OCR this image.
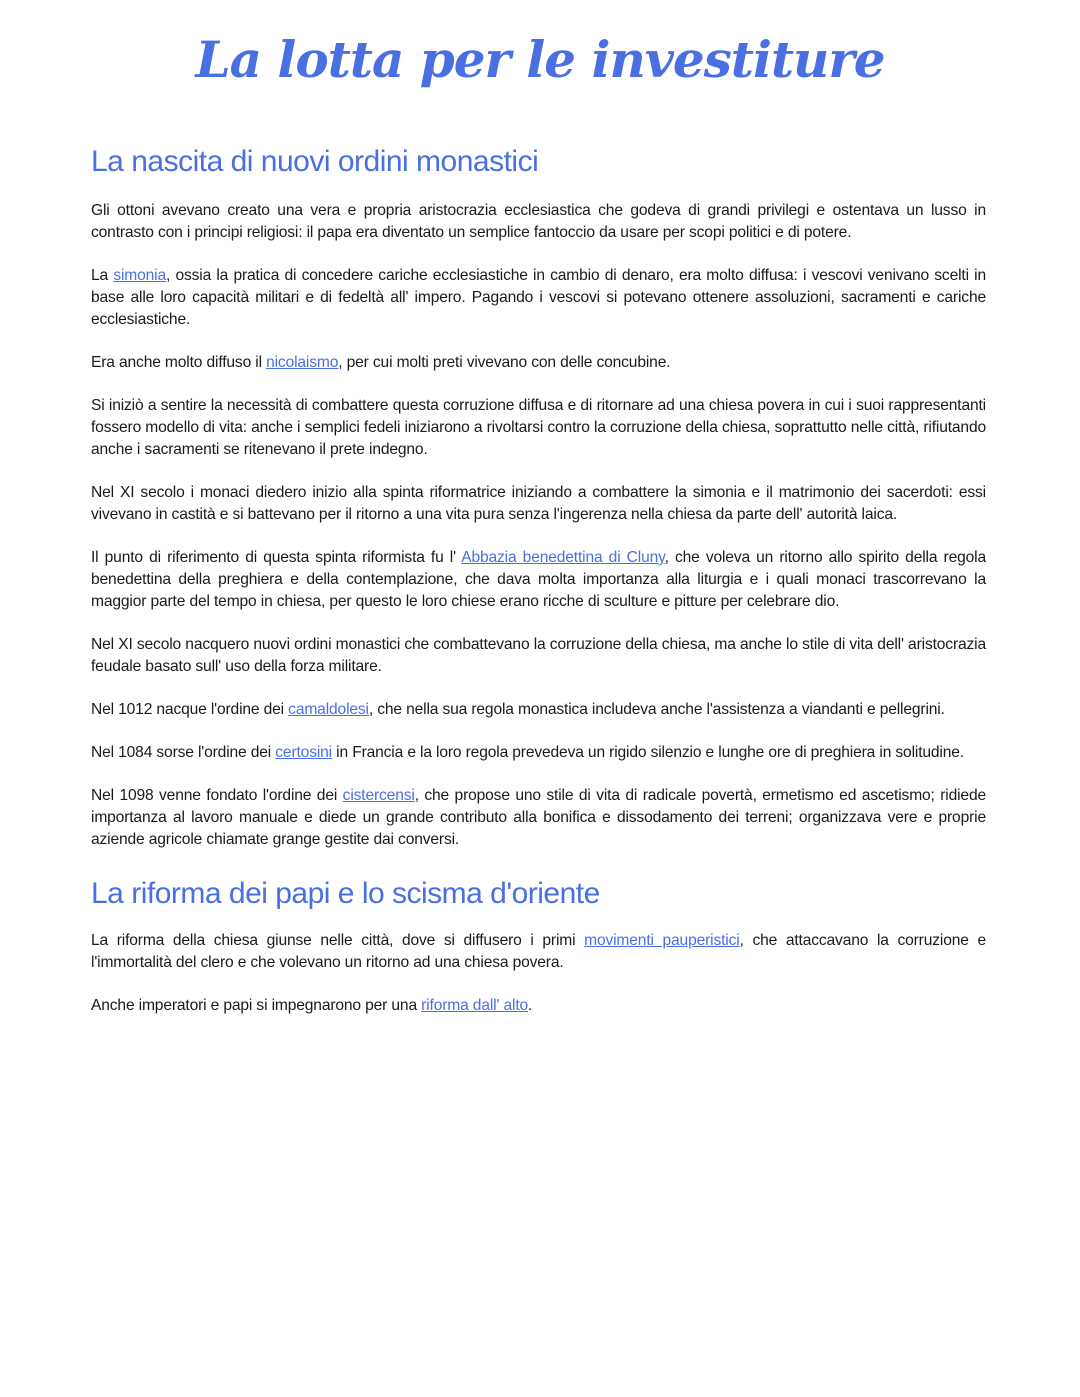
La lotta per le investiture
La nascita di nuovi ordini monastici

Gli ottoni avevano creato una vera e propria aristocrazia ecclesiastica che godeva di grandi privilegi e ostentava un lusso in contrasto con i principi religiosi: il papa era diventato un semplice fantoccio da usare per scopi politici e di potere.

La simonia, ossia la pratica di concedere cariche ecclesiastiche in cambio di denaro, era molto diffusa: i vescovi venivano scelti in base alle loro capacità militari e di fedeltà all' impero. Pagando i vescovi si potevano ottenere assoluzioni, sacramenti e cariche ecclesiastiche.

Era anche molto diffuso il nicolaismo, per cui molti preti vivevano con delle concubine.

Si iniziò a sentire la necessità di combattere questa corruzione diffusa e di ritornare ad una chiesa povera in cui i suoi rappresentanti fossero modello di vita: anche i semplici fedeli iniziarono a rivoltarsi contro la corruzione della chiesa, soprattutto nelle città, rifiutando anche i sacramenti se ritenevano il prete indegno.

Nel XI secolo i monaci diedero inizio alla spinta riformatrice iniziando a combattere la simonia e il matrimonio dei sacerdoti: essi vivevano in castità e si battevano per il ritorno a una vita pura senza l'ingerenza nella chiesa da parte dell' autorità laica.

Il punto di riferimento di questa spinta riformista fu l' Abbazia benedettina di Cluny, che voleva un ritorno allo spirito della regola benedettina della preghiera e della contemplazione, che dava molta importanza alla liturgia e i quali monaci trascorrevano la maggior parte del tempo in chiesa, per questo le loro chiese erano ricche di sculture e pitture per celebrare dio.

Nel XI secolo nacquero nuovi ordini monastici che combattevano la corruzione della chiesa, ma anche lo stile di vita dell' aristocrazia feudale basato sull' uso della forza militare.

Nel 1012 nacque l'ordine dei camaldolesi, che nella sua regola monastica includeva anche l'assistenza a viandanti e pellegrini.

Nel 1084 sorse l'ordine dei certosini in Francia e la loro regola prevedeva un rigido silenzio e lunghe ore di preghiera in solitudine.

Nel 1098 venne fondato l'ordine dei cistercensi, che propose uno stile di vita di radicale povertà, ermetismo ed ascetismo; ridiede importanza al lavoro manuale e diede un grande contributo alla bonifica e dissodamento dei terreni; organizzava vere e proprie aziende agricole chiamate grange gestite dai conversi.

La riforma dei papi e lo scisma d'oriente

La riforma della chiesa giunse nelle città, dove si diffusero i primi movimenti pauperistici, che attaccavano la corruzione e l'immortalità del clero e che volevano un ritorno ad una chiesa povera.

Anche imperatori e papi si impegnarono per una riforma dall' alto.
